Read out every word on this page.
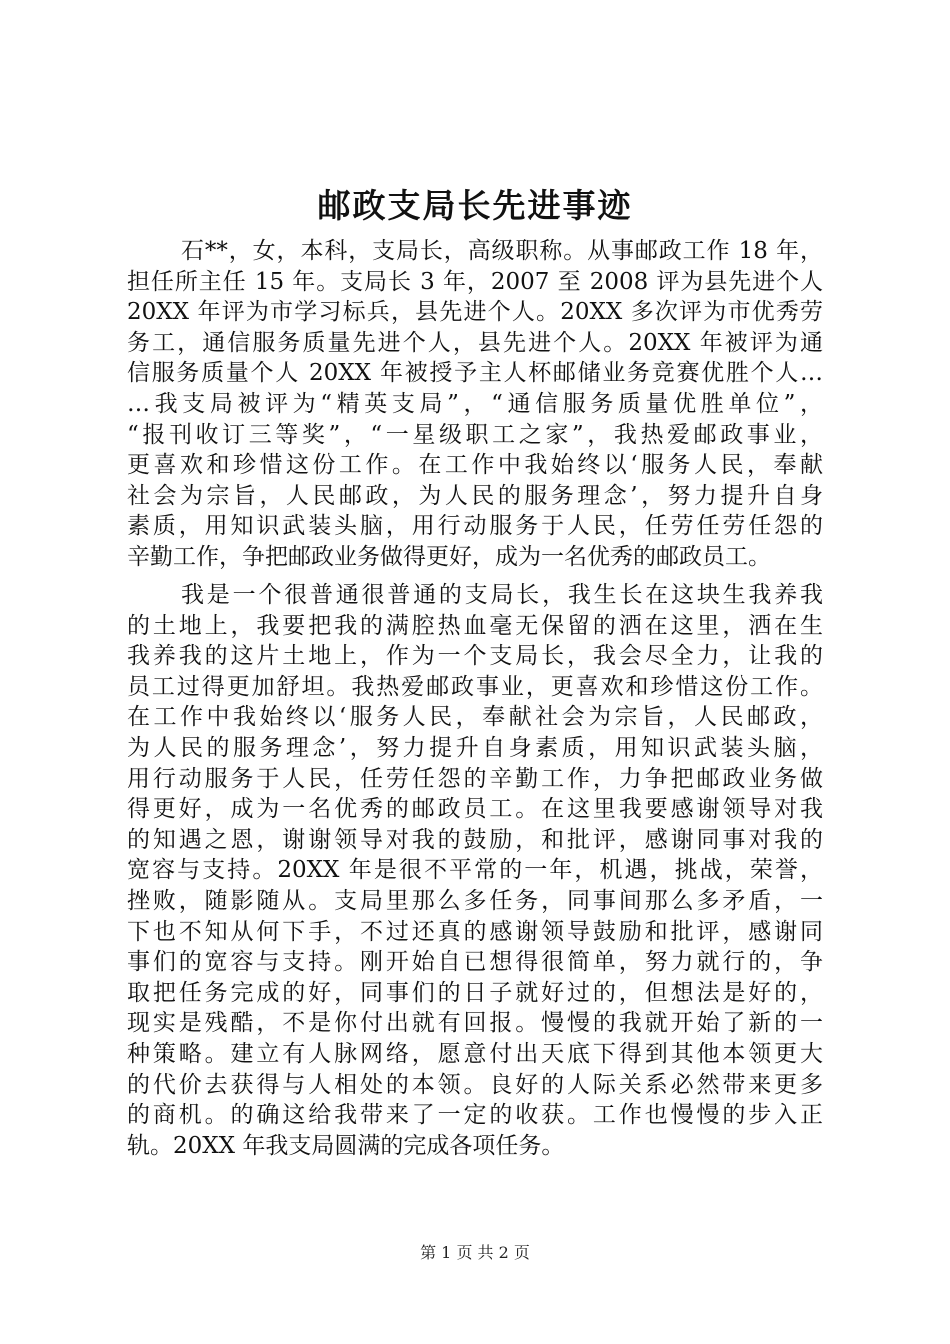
邮政支局长先进事迹
石**，女，本科，支局长，高级职称。从事邮政工作 18 年，
担任所主任 15 年。支局长 3 年，2007 至 2008 评为县先进个人
20XX 年评为市学习标兵，县先进个人。20XX 多次评为市优秀劳
务工，通信服务质量先进个人，县先进个人。20XX 年被评为通
信服务质量个人 20XX 年被授予主人杯邮储业务竞赛优胜个人…
…我支局被评为“精英支局”，“通信服务质量优胜单位”，
“报刊收订三等奖”，“一星级职工之家”，我热爱邮政事业，
更喜欢和珍惜这份工作。在工作中我始终以‘服务人民，奉献
社会为宗旨，人民邮政，为人民的服务理念’，努力提升自身
素质，用知识武装头脑，用行动服务于人民，任劳任劳任怨的
辛勤工作，争把邮政业务做得更好，成为一名优秀的邮政员工。
我是一个很普通很普通的支局长，我生长在这块生我养我
的土地上，我要把我的满腔热血毫无保留的洒在这里，洒在生
我养我的这片土地上，作为一个支局长，我会尽全力，让我的
员工过得更加舒坦。我热爱邮政事业，更喜欢和珍惜这份工作。
在工作中我始终以‘服务人民，奉献社会为宗旨，人民邮政，
为人民的服务理念’，努力提升自身素质，用知识武装头脑，
用行动服务于人民，任劳任怨的辛勤工作，力争把邮政业务做
得更好，成为一名优秀的邮政员工。在这里我要感谢领导对我
的知遇之恩，谢谢领导对我的鼓励，和批评，感谢同事对我的
宽容与支持。20XX 年是很不平常的一年，机遇，挑战，荣誉，
挫败，随影随从。支局里那么多任务，同事间那么多矛盾，一
下也不知从何下手，不过还真的感谢领导鼓励和批评，感谢同
事们的宽容与支持。刚开始自已想得很简单，努力就行的，争
取把任务完成的好，同事们的日子就好过的，但想法是好的，
现实是残酷，不是你付出就有回报。慢慢的我就开始了新的一
种策略。建立有人脉网络，愿意付出天底下得到其他本领更大
的代价去获得与人相处的本领。良好的人际关系必然带来更多
的商机。的确这给我带来了一定的收获。工作也慢慢的步入正
轨。20XX 年我支局圆满的完成各项任务。
第 1 页 共 2 页
